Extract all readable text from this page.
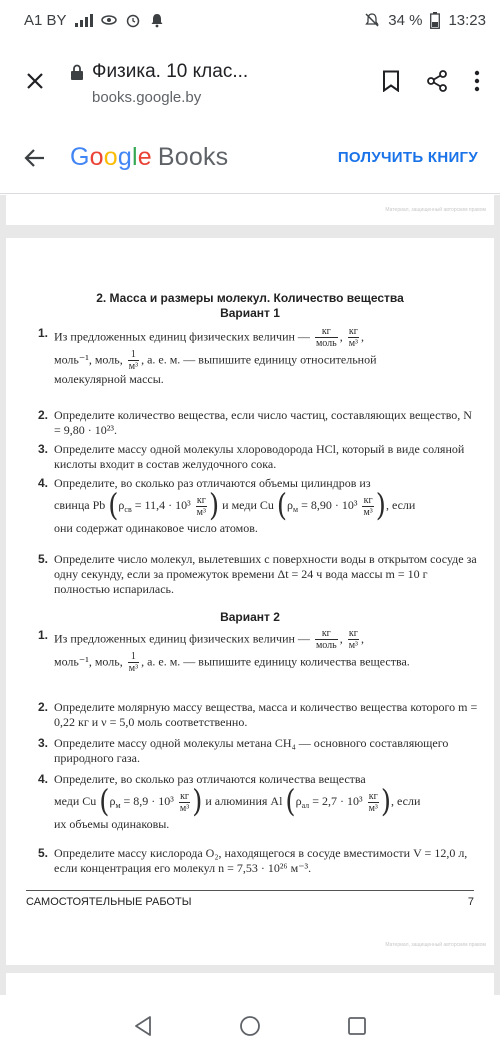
A1 BY	34 % 13:23
Физика. 10 клас...
books.google.by
Google Books	ПОЛУЧИТЬ КНИГУ
Материал, защищенный авторским правом
2. Масса и размеры молекул. Количество вещества
Вариант 1
1. Из предложенных единиц физических величин — $\frac{кг}{\text{моль}}$ , $\frac{кг}{\text{м³}}$ ,
моль⁻¹, моль, $\frac{1}{\text{м³}}$ , а. е. м. — выпишите единицу относительной
молекулярной массы.
2. Определите количество вещества, если число частиц, составляющих вещество, N = 9,80 · 10²³.
3. Определите массу одной молекулы хлороводорода HCl, который в виде соляной кислоты входит в состав желудочного сока.
4. Определите, во сколько раз отличаются объемы цилиндров из
свинца Pb ($\rho_{св} = 11,4 \cdot 10^3 \frac{кг}{\text{м³}}$ ) и меди Cu ($\rho_м = 8,90 \cdot 10^3 \frac{кг}{\text{м³}}$ ), если
они содержат одинаковое число атомов.
5. Определите число молекул, вылетевших с поверхности воды в открытом сосуде за одну секунду, если за промежуток времени Δt = 24 ч вода массы m = 10 г полностью испарилась.
Вариант 2
1. Из предложенных единиц физических величин — $\frac{кг}{\text{моль}}$ , $\frac{кг}{\text{м³}}$ ,
моль⁻¹, моль, $\frac{1}{\text{м³}}$ , а. е. м. — выпишите единицу количества вещества.
2. Определите молярную массу вещества, масса и количество вещества которого m = 0,22 кг и ν = 5,0 моль соответственно.
3. Определите массу одной молекулы метана CH₄ — основного составляющего природного газа.
4. Определите, во сколько раз отличаются количества вещества
меди Cu ($\rho_м = 8,9 \cdot 10^3 \frac{кг}{\text{м³}}$ ) и алюминия Al ($\rho_{ал} = 2,7 \cdot 10^3 \frac{кг}{\text{м³}}$ ), если
их объемы одинаковы.
5. Определите массу кислорода O₂, находящегося в сосуде вместимости V = 12,0 л, если концентрация его молекул n = 7,53 · 10²⁶ м⁻³.
САМОСТОЯТЕЛЬНЫЕ РАБОТЫ	7
Материал, защищенный авторским правом
